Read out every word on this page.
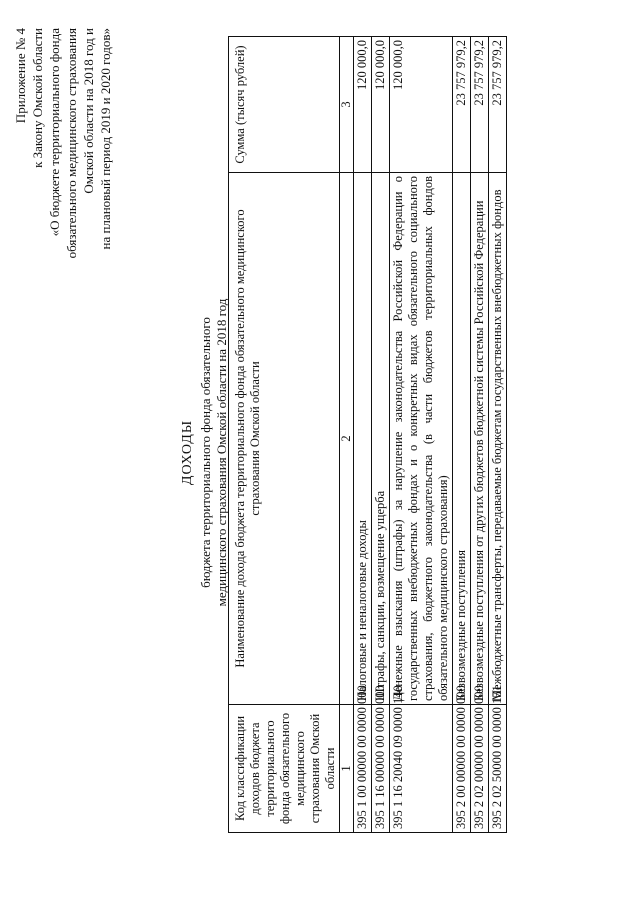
Приложение № 4 к Закону Омской области «О бюджете территориального фонда обязательного медицинского страхования Омской области на 2018 год и на плановый период 2019 и 2020 годов»
ДОХОДЫ бюджета территориального фонда обязательного медицинского страхования Омской области на 2018 год
Код классификации доходов бюджета территориального фонда обязательного медицинского страхования Омской области	Наименование дохода бюджета территориального фонда обязательного медицинского страхования Омской области	Сумма (тысяч рублей)
1	2	3
395 1 00 00000 00 0000 000	Налоговые и неналоговые доходы	120 000,0
395 1 16 00000 00 0000 000	Штрафы, санкции, возмещение ущерба	120 000,0
395 1 16 20040 09 0000 140	Денежные взыскания (штрафы) за нарушение законодательства Российской Федерации о государственных внебюджетных фондах и о конкретных видах обязательного социального страхования, бюджетного законодательства (в части бюджетов территориальных фондов обязательного медицинского страхования)	120 000,0
395 2 00 00000 00 0000 000	Безвозмездные поступления	23 757 979,2
395 2 02 00000 00 0000 000	Безвозмездные поступления от других бюджетов бюджетной системы Российской Федерации	23 757 979,2
395 2 02 50000 00 0000 151	Межбюджетные трансферты, передаваемые бюджетам государственных внебюджетных фондов	23 757 979,2
